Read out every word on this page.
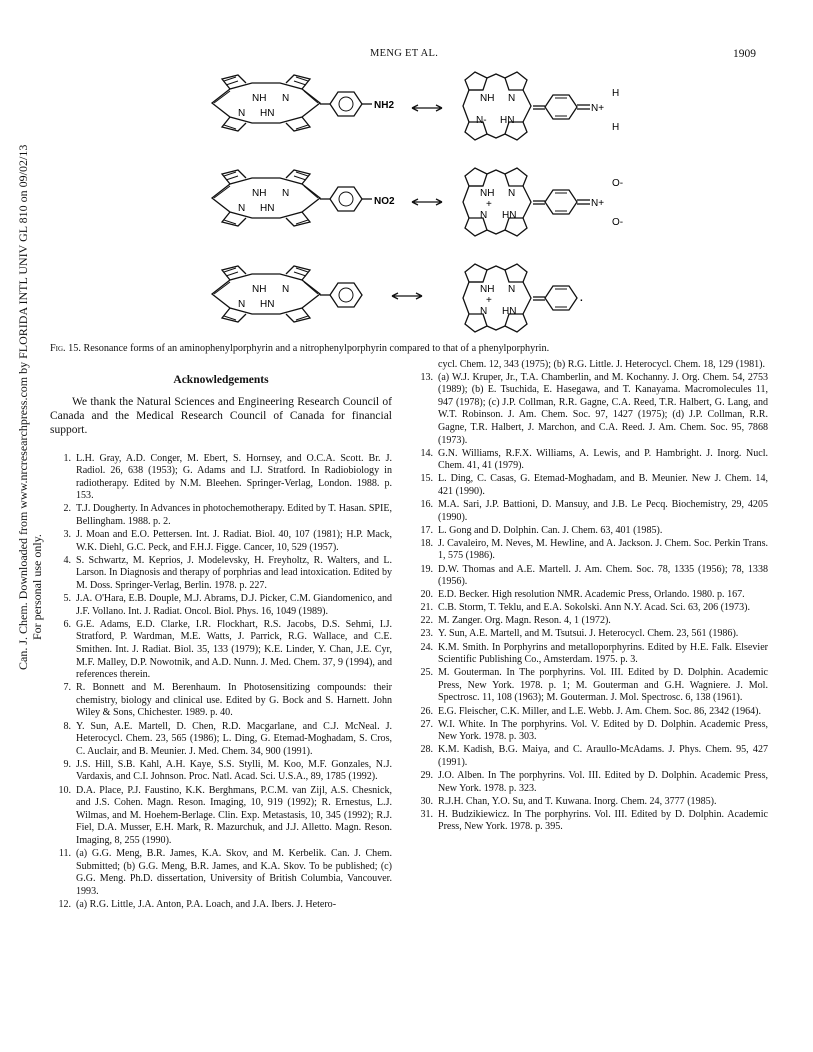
MENG ET AL.	1909
Can. J. Chem. Downloaded from www.nrcresearchpress.com by FLORIDA INTL UNIV GL 810 on 09/02/13 For personal use only.
NH N
N HN
NH2
NH N
N- HN
H
N+
H
NH N
N HN
NO2
NH N
+
N HN
O-
N+
O-
NH N
N HN
NH N
+
N HN
.
Fig. 15. Resonance forms of an aminophenylporphyrin and a nitrophenylporphyrin compared to that of a phenylporphyrin.
Acknowledgements

We thank the Natural Sciences and Engineering Research Council of Canada and the Medical Research Council of Canada for financial support.

1. L.H. Gray, A.D. Conger, M. Ebert, S. Hornsey, and O.C.A. Scott. Br. J. Radiol. 26, 638 (1953); G. Adams and I.J. Stratford. In Radiobiology in radiotherapy. Edited by N.M. Bleehen. Springer-Verlag, London. 1988. p. 153.
2. T.J. Dougherty. In Advances in photochemotherapy. Edited by T. Hasan. SPIE, Bellingham. 1988. p. 2.
3. J. Moan and E.O. Pettersen. Int. J. Radiat. Biol. 40, 107 (1981); H.P. Mack, W.K. Diehl, G.C. Peck, and F.H.J. Figge. Cancer, 10, 529 (1957).
4. S. Schwartz, M. Keprios, J. Modelevsky, H. Freyholtz, R. Walters, and L. Larson. In Diagnosis and therapy of porphrias and lead intoxication. Edited by M. Doss. Springer-Verlag, Berlin. 1978. p. 227.
5. J.A. O'Hara, E.B. Douple, M.J. Abrams, D.J. Picker, C.M. Giandomenico, and J.F. Vollano. Int. J. Radiat. Oncol. Biol. Phys. 16, 1049 (1989).
6. G.E. Adams, E.D. Clarke, I.R. Flockhart, R.S. Jacobs, D.S. Sehmi, I.J. Stratford, P. Wardman, M.E. Watts, J. Parrick, R.G. Wallace, and C.E. Smithen. Int. J. Radiat. Biol. 35, 133 (1979); K.E. Linder, Y. Chan, J.E. Cyr, M.F. Malley, D.P. Nowotnik, and A.D. Nunn. J. Med. Chem. 37, 9 (1994), and references therein.
7. R. Bonnett and M. Berenhaum. In Photosensitizing compounds: their chemistry, biology and clinical use. Edited by G. Bock and S. Harnett. John Wiley & Sons, Chichester. 1989. p. 40.
8. Y. Sun, A.E. Martell, D. Chen, R.D. Macgarlane, and C.J. McNeal. J. Heterocycl. Chem. 23, 565 (1986); L. Ding, G. Etemad-Moghadam, S. Cros, C. Auclair, and B. Meunier. J. Med. Chem. 34, 900 (1991).
9. J.S. Hill, S.B. Kahl, A.H. Kaye, S.S. Stylli, M. Koo, M.F. Gonzales, N.J. Vardaxis, and C.I. Johnson. Proc. Natl. Acad. Sci. U.S.A., 89, 1785 (1992).
10. D.A. Place, P.J. Faustino, K.K. Berghmans, P.C.M. van Zijl, A.S. Chesnick, and J.S. Cohen. Magn. Reson. Imaging, 10, 919 (1992); R. Ernestus, L.J. Wilmas, and M. Hoehem-Berlage. Clin. Exp. Metastasis, 10, 345 (1992); R.J. Fiel, D.A. Musser, E.H. Mark, R. Mazurchuk, and J.J. Alletto. Magn. Reson. Imaging, 8, 255 (1990).
11. (a) G.G. Meng, B.R. James, K.A. Skov, and M. Kerbelik. Can. J. Chem. Submitted; (b) G.G. Meng, B.R. James, and K.A. Skov. To be published; (c) G.G. Meng. Ph.D. dissertation, University of British Columbia, Vancouver. 1993.
12. (a) R.G. Little, J.A. Anton, P.A. Loach, and J.A. Ibers. J. Hetero-
cycl. Chem. 12, 343 (1975); (b) R.G. Little. J. Heterocycl. Chem. 18, 129 (1981).
13. (a) W.J. Kruper, Jr., T.A. Chamberlin, and M. Kochanny. J. Org. Chem. 54, 2753 (1989); (b) E. Tsuchida, E. Hasegawa, and T. Kanayama. Macromolecules 11, 947 (1978); (c) J.P. Collman, R.R. Gagne, C.A. Reed, T.R. Halbert, G. Lang, and W.T. Robinson. J. Am. Chem. Soc. 97, 1427 (1975); (d) J.P. Collman, R.R. Gagne, T.R. Halbert, J. Marchon, and C.A. Reed. J. Am. Chem. Soc. 95, 7868 (1973).
14. G.N. Williams, R.F.X. Williams, A. Lewis, and P. Hambright. J. Inorg. Nucl. Chem. 41, 41 (1979).
15. L. Ding, C. Casas, G. Etemad-Moghadam, and B. Meunier. New J. Chem. 14, 421 (1990).
16. M.A. Sari, J.P. Battioni, D. Mansuy, and J.B. Le Pecq. Biochemistry, 29, 4205 (1990).
17. L. Gong and D. Dolphin. Can. J. Chem. 63, 401 (1985).
18. J. Cavaleiro, M. Neves, M. Hewline, and A. Jackson. J. Chem. Soc. Perkin Trans. 1, 575 (1986).
19. D.W. Thomas and A.E. Martell. J. Am. Chem. Soc. 78, 1335 (1956); 78, 1338 (1956).
20. E.D. Becker. High resolution NMR. Academic Press, Orlando. 1980. p. 167.
21. C.B. Storm, T. Teklu, and E.A. Sokolski. Ann N.Y. Acad. Sci. 63, 206 (1973).
22. M. Zanger. Org. Magn. Reson. 4, 1 (1972).
23. Y. Sun, A.E. Martell, and M. Tsutsui. J. Heterocycl. Chem. 23, 561 (1986).
24. K.M. Smith. In Porphyrins and metalloporphyrins. Edited by H.E. Falk. Elsevier Scientific Publishing Co., Amsterdam. 1975. p. 3.
25. M. Gouterman. In The porphyrins. Vol. III. Edited by D. Dolphin. Academic Press, New York. 1978. p. 1; M. Gouterman and G.H. Wagniere. J. Mol. Spectrosc. 11, 108 (1963); M. Gouterman. J. Mol. Spectrosc. 6, 138 (1961).
26. E.G. Fleischer, C.K. Miller, and L.E. Webb. J. Am. Chem. Soc. 86, 2342 (1964).
27. W.I. White. In The porphyrins. Vol. V. Edited by D. Dolphin. Academic Press, New York. 1978. p. 303.
28. K.M. Kadish, B.G. Maiya, and C. Araullo-McAdams. J. Phys. Chem. 95, 427 (1991).
29. J.O. Alben. In The porphyrins. Vol. III. Edited by D. Dolphin. Academic Press, New York. 1978. p. 323.
30. R.J.H. Chan, Y.O. Su, and T. Kuwana. Inorg. Chem. 24, 3777 (1985).
31. H. Budzikiewicz. In The porphyrins. Vol. III. Edited by D. Dolphin. Academic Press, New York. 1978. p. 395.
